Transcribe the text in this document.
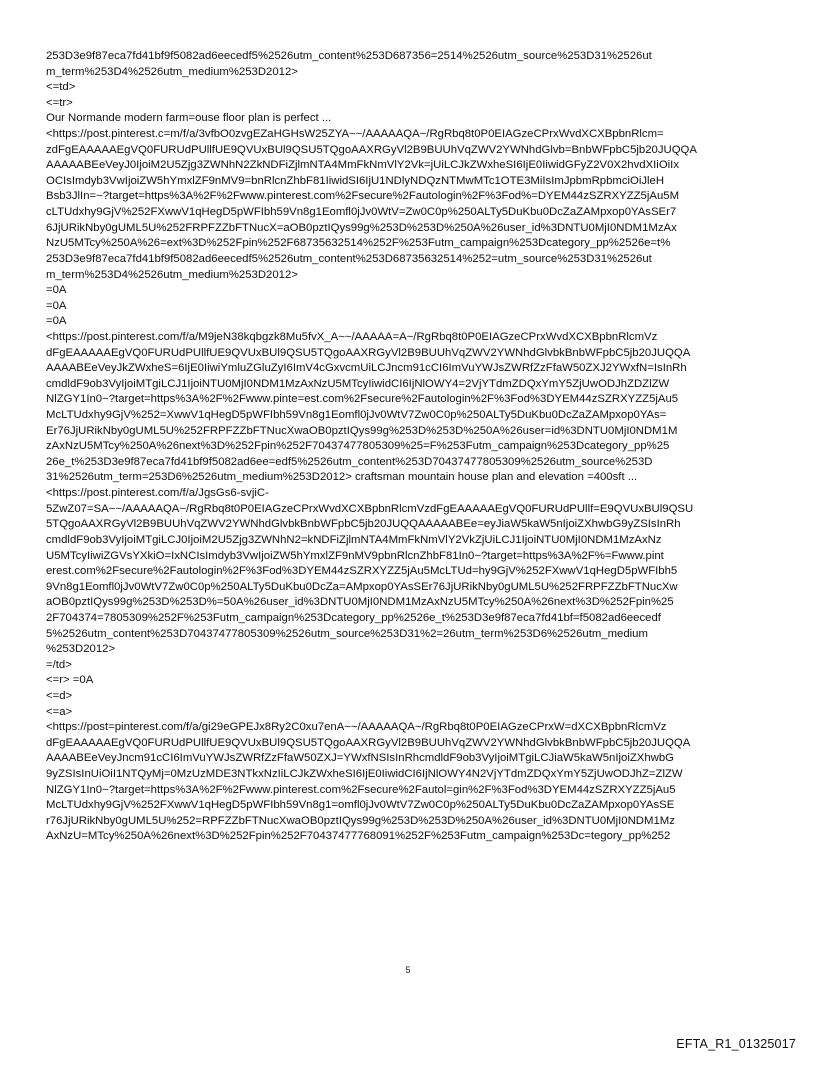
253D3e9f87eca7fd41bf9f5082ad6eecedf5%2526utm_content%253D687356=2514%2526utm_source%253D31%2526ut
m_term%253D4%2526utm_medium%253D2012>
<=td>
<=tr>
Our Normande modern farm=ouse floor plan is perfect ...
<https://post.pinterest.c=m/f/a/3vfbO0zvgEZaHGHsW25ZYA~~/AAAAAQA~/RgRbq8t0P0EIAGzeCPrxWvdXCXBpbnRlcm=
zdFgEAAAAAEgVQ0FURUdPUllfUE9QVUxBUl9QSU5TQgoAAXRGyVl2B9BUUhVqZWV2YWNhdGlvb=BnbWFpbC5jb20JUQQA
AAAAABEeVeyJ0IjoiM2U5Zjg3ZWNhN2ZkNDFiZjlmNTA4MmFkNmVlY2Vk=jUiLCJkZWxheSI6IjE0IiwidGFyZ2V0X2hvdXIiOiIx
OCIsImdyb3VwIjoiZW5hYmxlZF9nMV9=bnRlcnZhbF81IiwidSI6IjU1NDlyNDQzNTMwMTc1OTE3MiIsImJpbmRpbmciOiJleH
Bsb3JlIn=~?target=https%3A%2F%2Fwww.pinterest.com%2Fsecure%2Fautologin%2F%3Fod%=DYEM44zSZRXYZZ5jAu5M
cLTUdxhy9GjV%252FXwwV1qHegD5pWFIbh59Vn8g1Eomfl0jJv0WtV=Zw0C0p%250ALTy5DuKbu0DcZaZAMpxop0YAsSEr7
6JjURikNby0gUML5U%252FRPFZZbFTNucX=aOB0pztIQys99g%253D%253D%250A%26user_id%3DNTU0MjI0NDM1MzAx
NzU5MTcy%250A%26=ext%3D%252Fpin%252F68735632514%252F%253Futm_campaign%253Dcategory_pp%2526e=t%
253D3e9f87eca7fd41bf9f5082ad6eecedf5%2526utm_content%253D68735632514%252=utm_source%253D31%2526ut
m_term%253D4%2526utm_medium%253D2012>
=0A
=0A
=0A
<https://post.pinterest.com/f/a/M9jeN38kqbgzk8Mu5fvX_A~~/AAAAA=A~/RgRbq8t0P0EIAGzeCPrxWvdXCXBpbnRlcmVz
dFgEAAAAAEgVQ0FURUdPUllfUE9QVUxBUl9QSU5TQgoAAXRGyVl2B9BUUhVqZWV2YWNhdGlvbkBnbWFpbC5jb20JUQQA
AAAABEeVeyJkZWxheS=6IjE0IiwiYmluZGluZyI6ImV4cGxvcmUiLCJncm91cCI6ImVuYWJsZWRfZzFfaW50ZXJ2YWxfN=IsInRh
cmdldF9ob3VyIjoiMTgiLCJ1IjoiNTU0MjI0NDM1MzAxNzU5MTcyIiwidCI6IjNlOWY4=2VjYTdmZDQxYmY5ZjUwODJhZDZlZW
NlZGY1In0~?target=https%3A%2F%2Fwww.pinte=est.com%2Fsecure%2Fautologin%2F%3Fod%3DYEM44zSZRXYZZ5jAu5
McLTUdxhy9GjV%252=XwwV1qHegD5pWFIbh59Vn8g1Eomfl0jJv0WtV7Zw0C0p%250ALTy5DuKbu0DcZaZAMpxop0YAs=
Er76JjURikNby0gUML5U%252FRPFZZbFTNucXwaOB0pztIQys99g%253D%253D%250A%26user=id%3DNTU0MjI0NDM1M
zAxNzU5MTcy%250A%26next%3D%252Fpin%252F70437477805309%25=F%253Futm_campaign%253Dcategory_pp%25
26e_t%253D3e9f87eca7fd41bf9f5082ad6ee=edf5%2526utm_content%253D70437477805309%2526utm_source%253D
31%2526utm_term=253D6%2526utm_medium%253D2012> craftsman mountain house plan and elevation =400sft ...
<https://post.pinterest.com/f/a/JgsGs6-svjiC-
5ZwZ07=SA~~/AAAAAQA~/RgRbq8t0P0EIAGzeCPrxWvdXCXBpbnRlcmVzdFgEAAAAAEgVQ0FURUdPUllf=E9QVUxBUl9QSU
5TQgoAAXRGyVl2B9BUUhVqZWV2YWNhdGlvbkBnbWFpbC5jb20JUQQAAAAABEe=eyJiaW5kaW5nIjoiZXhwbG9yZSIsInRh
cmdldF9ob3VyIjoiMTgiLCJ0IjoiM2U5Zjg3ZWNhN2=kNDFiZjlmNTA4MmFkNmVlY2VkZjUiLCJ1IjoiNTU0MjI0NDM1MzAxNz
U5MTcyIiwiZGVsYXkiO=IxNCIsImdyb3VwIjoiZW5hYmxlZF9nMV9pbnRlcnZhbF81In0~?target=https%3A%2F%=Fwww.pint
erest.com%2Fsecure%2Fautologin%2F%3Fod%3DYEM44zSZRXYZZ5jAu5McLTUd=hy9GjV%252FXwwV1qHegD5pWFIbh5
9Vn8g1Eomfl0jJv0WtV7Zw0C0p%250ALTy5DuKbu0DcZa=AMpxop0YAsSEr76JjURikNby0gUML5U%252FRPFZZbFTNucXw
aOB0pztIQys99g%253D%253D%=50A%26user_id%3DNTU0MjI0NDM1MzAxNzU5MTcy%250A%26next%3D%252Fpin%25
2F704374=7805309%252F%253Futm_campaign%253Dcategory_pp%2526e_t%253D3e9f87eca7fd41bf=f5082ad6eecedf
5%2526utm_content%253D70437477805309%2526utm_source%253D31%2=26utm_term%253D6%2526utm_medium
%253D2012>
=/td>
<=r> =0A
<=d>
<=a>
<https://post=pinterest.com/f/a/gi29eGPEJx8Ry2C0xu7enA~~/AAAAAQA~/RgRbq8t0P0EIAGzeCPrxW=dXCXBpbnRlcmVz
dFgEAAAAAEgVQ0FURUdPUllfUE9QVUxBUl9QSU5TQgoAAXRGyVl2B9BUUhVqZWV2YWNhdGlvbkBnbWFpbC5jb20JUQQA
AAAABEeVeyJncm91cCI6ImVuYWJsZWRfZzFfaW50ZXJ=YWxfNSIsInRhcmdldF9ob3VyIjoiMTgiLCJiaW5kaW5nIjoiZXhwbG
9yZSIsInUiOiI1NTQyMj=0MzUzMDE3NTkxNzIiLCJkZWxheSI6IjE0IiwidCI6IjNlOWY4N2VjYTdmZDQxYmY5ZjUwODJhZ=ZlZW
NlZGY1In0~?target=https%3A%2F%2Fwww.pinterest.com%2Fsecure%2Fautol=gin%2F%3Fod%3DYEM44zSZRXYZZ5jAu5
McLTUdxhy9GjV%252FXwwV1qHegD5pWFIbh59Vn8g1=omfl0jJv0WtV7Zw0C0p%250ALTy5DuKbu0DcZaZAMpxop0YAsSE
r76JjURikNby0gUML5U%252=RPFZZbFTNucXwaOB0pztIQys99g%253D%253D%250A%26user_id%3DNTU0MjI0NDM1Mz
AxNzU=MTcy%250A%26next%3D%252Fpin%252F70437477768091%252F%253Futm_campaign%253Dc=tegory_pp%252
5
EFTA_R1_01325017
